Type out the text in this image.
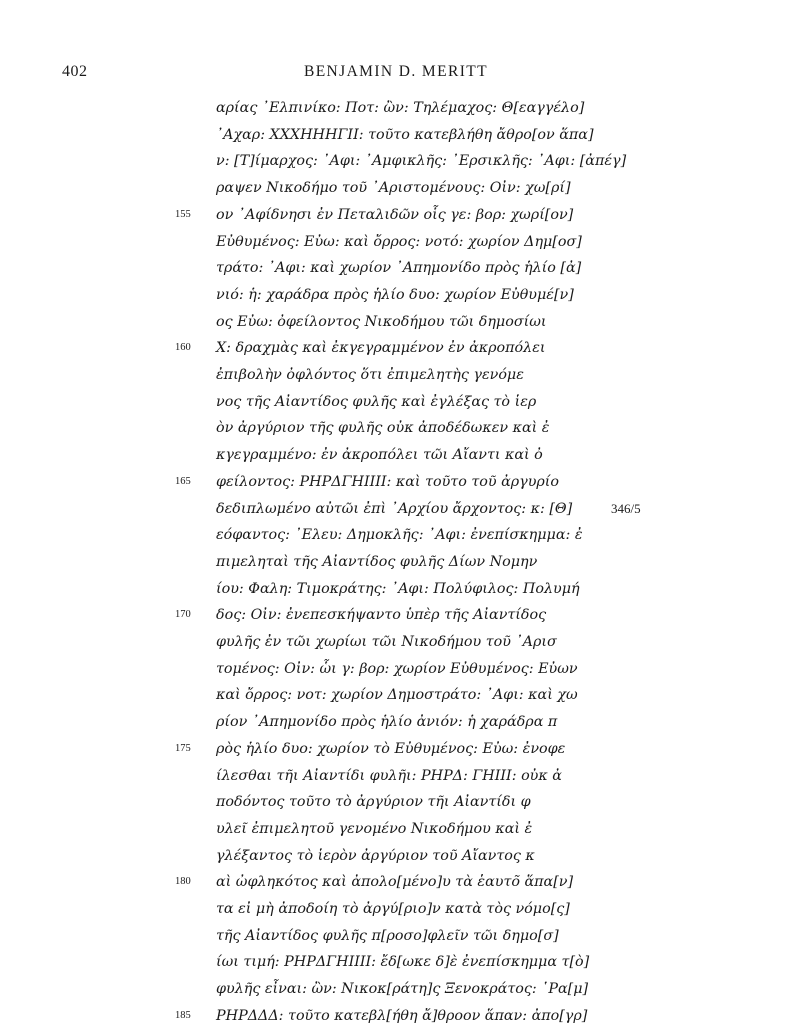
402	BENJAMIN D. MERITT
αρίας ᾿Ελπινίκο: Ποτ: ὢν: Τηλέμαχος: Θ[εαγγέλο]
᾿Αχαρ: XXXΗΗΗΓΙΙ: τοῦτο κατεβλήθη ἄθρο[ον ἅπα]
ν: [Τ]ίμαρχος: ᾿Αφι: ᾿Αμφικλῆς: ᾿Ερσικλῆς: ᾿Αφι: [ἀπέγ]
ραψεν Νικοδήμο τοῦ ᾿Αριστομένους: Οἰν: χω[ρί]
155 ον ᾿Αφίδνησι ἐν Πεταλιδῶν οἷς γε: βορ: χωρί[ον]
Εὐθυμένος: Εὐω: καὶ ὄρρος: νοτό: χωρίον Δημ[οσ]
τράτο: ᾿Αφι: καὶ χωρίον ᾿Απημονίδο πρὸς ἡλίο [ἀ]
νιό: ἡ: χαράδρα πρὸς ἡλίο δυο: χωρίον Εὐθυμέ[ν]
ος Εὐω: ὀφείλοντος Νικοδήμου τῶι δημοσίωι
160 Χ: δραχμὰς καὶ ἐκγεγραμμένον ἐν ἀκροπόλει
ἐπιβολὴν ὀφλόντος ὅτι ἐπιμελητὴς γενόμε
νος τῆς Αἰαντίδος φυλῆς καὶ ἐγλέξας τὸ ἱερ
ὸν ἀργύριον τῆς φυλῆς οὐκ ἀποδέδωκεν καὶ ἐ
κγεγραμμένο: ἐν ἀκροπόλει τῶι Αἴαντι καὶ ὀ
165 φείλοντος: ΡΗΡΔΓΗΙΙΙΙ: καὶ τοῦτο τοῦ ἀργυρίο
δεδιπλωμένο αὐτῶι ἐπὶ ᾿Αρχίου ἄρχοντος: κ: [Θ]	346/5
εόφαντος: ᾿Ελευ: Δημοκλῆς: ᾿Αφι: ἐνεπίσκημμα: ἐ
πιμεληταὶ τῆς Αἰαντίδος φυλῆς Δίων Νομην
ίου: Φαλη: Τιμοκράτης: ᾿Αφι: Πολύφιλος: Πολυμή
170 δος: Οἰν: ἐνεπεσκήψαντο ὑπὲρ τῆς Αἰαντίδος
φυλῆς ἐν τῶι χωρίωι τῶι Νικοδήμου τοῦ ᾿Αρισ
τομένος: Οἰν: ὧι γ: βορ: χωρίον Εὐθυμένος: Εὐων
καὶ ὄρρος: νοτ: χωρίον Δημοστράτο: ᾿Αφι: καὶ χω
ρίον ᾿Απημονίδο πρὸς ἡλίο ἀνιόν: ἡ χαράδρα π
175 ρὸς ἡλίο δυο: χωρίον τὸ Εὐθυμένος: Εὐω: ἐνοφε
ίλεσθαι τῆι Αἰαντίδι φυλῆι: ΡΗΡΔ: ΓΗΙΙΙ: οὐκ ἀ
ποδόντος τοῦτο τὸ ἀργύριον τῆι Αἰαντίδι φ
υλεῖ ἐπιμελητοῦ γενομένο Νικοδήμου καὶ ἐ
γλέξαντος τὸ ἱερὸν ἀργύριον τοῦ Αἴαντος κ
180 αὶ ὠφληκότος καὶ ἀπολο[μένο]υ τὰ ἑαυτõ ἅπα[ν]
τα εἰ μὴ ἀποδοίη τὸ ἀργύ[ριο]ν κατὰ τὸς νόμο[ς]
τῆς Αἰαντίδος φυλῆς π[ροσο]φλεῖν τῶι δημο[σ]
ίωι τιμή: ΡΗΡΔΓΗΙΙΙΙ: ἔδ[ωκε δ]ὲ ἐνεπίσκημμα τ[ὸ]
φυλῆς εἶναι: ὢν: Νικοκ[ράτη]ς Ξενοκράτος: ῾Ρα[μ]
185 ΡΗΡΔΔΔ: τοῦτο κατεβλ[ήθη ἄ]θροον ἅπαν: ἀπο[γρ]
